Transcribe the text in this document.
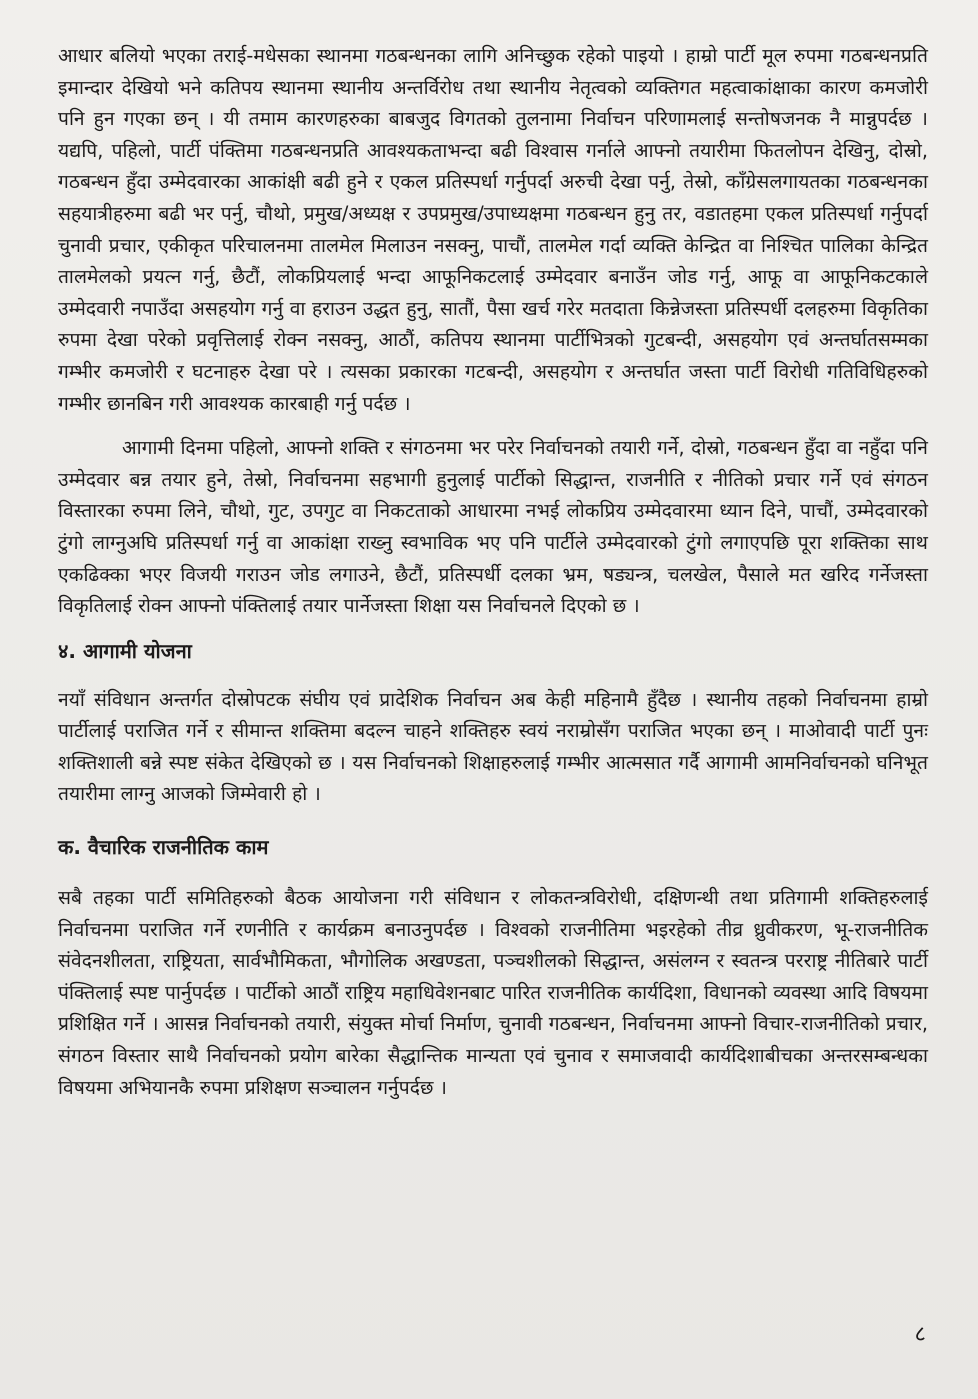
आधार बलियो भएका तराई-मधेसका स्थानमा गठबन्धनका लागि अनिच्छुक रहेको पाइयो । हाम्रो पार्टी मूल रुपमा गठबन्धनप्रति इमान्दार देखियो भने कतिपय स्थानमा स्थानीय अन्तर्विरोध तथा स्थानीय नेतृत्वको व्यक्तिगत महत्वाकांक्षाका कारण कमजोरी पनि हुन गएका छन् । यी तमाम कारणहरुका बाबजुद विगतको तुलनामा निर्वाचन परिणामलाई सन्तोषजनक नै मान्नुपर्दछ । यद्यपि, पहिलो, पार्टी पंक्तिमा गठबन्धनप्रति आवश्यकताभन्दा बढी विश्वास गर्नाले आफ्नो तयारीमा फितलोपन देखिनु, दोस्रो, गठबन्धन हुँदा उम्मेदवारका आकांक्षी बढी हुने र एकल प्रतिस्पर्धा गर्नुपर्दा अरुची देखा पर्नु, तेस्रो, काँग्रेसलगायतका गठबन्धनका सहयात्रीहरुमा बढी भर पर्नु, चौथो, प्रमुख/अध्यक्ष र उपप्रमुख/उपाध्यक्षमा गठबन्धन हुनु तर, वडातहमा एकल प्रतिस्पर्धा गर्नुपर्दा चुनावी प्रचार, एकीकृत परिचालनमा तालमेल मिलाउन नसक्नु, पाचौं, तालमेल गर्दा व्यक्ति केन्द्रित वा निश्चित पालिका केन्द्रित तालमेलको प्रयत्न गर्नु, छैटौं, लोकप्रियलाई भन्दा आफूनिकटलाई उम्मेदवार बनाउँन जोड गर्नु, आफू वा आफूनिकटकाले उम्मेदवारी नपाउँदा असहयोग गर्नु वा हराउन उद्धत हुनु, सातौं, पैसा खर्च गरेर मतदाता किन्नेजस्ता प्रतिस्पर्धी दलहरुमा विकृतिका रुपमा देखा परेको प्रवृत्तिलाई रोक्न नसक्नु, आठौं, कतिपय स्थानमा पार्टीभित्रको गुटबन्दी, असहयोग एवं अन्तर्घातसम्मका गम्भीर कमजोरी र घटनाहरु देखा परे । त्यसका प्रकारका गटबन्दी, असहयोग र अन्तर्घात जस्ता पार्टी विरोधी गतिविधिहरुको गम्भीर छानबिन गरी आवश्यक कारबाही गर्नु पर्दछ ।

आगामी दिनमा पहिलो, आफ्नो शक्ति र संगठनमा भर परेर निर्वाचनको तयारी गर्ने, दोस्रो, गठबन्धन हुँदा वा नहुँदा पनि उम्मेदवार बन्न तयार हुने, तेस्रो, निर्वाचनमा सहभागी हुनुलाई पार्टीको सिद्धान्त, राजनीति र नीतिको प्रचार गर्ने एवं संगठन विस्तारका रुपमा लिने, चौथो, गुट, उपगुट वा निकटताको आधारमा नभई लोकप्रिय उम्मेदवारमा ध्यान दिने, पाचौं, उम्मेदवारको टुंगो लाग्नुअघि प्रतिस्पर्धा गर्नु वा आकांक्षा राख्नु स्वभाविक भए पनि पार्टीले उम्मेदवारको टुंगो लगाएपछि पूरा शक्तिका साथ एकढिक्का भएर विजयी गराउन जोड लगाउने, छैटौं, प्रतिस्पर्धी दलका भ्रम, षड्यन्त्र, चलखेल, पैसाले मत खरिद गर्नेजस्ता विकृतिलाई रोक्न आफ्नो पंक्तिलाई तयार पार्नेजस्ता शिक्षा यस निर्वाचनले दिएको छ ।

४. आगामी योजना

नयाँ संविधान अन्तर्गत दोस्रोपटक संघीय एवं प्रादेशिक निर्वाचन अब केही महिनामै हुँदैछ । स्थानीय तहको निर्वाचनमा हाम्रो पार्टीलाई पराजित गर्ने र सीमान्त शक्तिमा बदल्न चाहने शक्तिहरु स्वयं नराम्रोसँग पराजित भएका छन् । माओवादी पार्टी पुनः शक्तिशाली बन्ने स्पष्ट संकेत देखिएको छ । यस निर्वाचनको शिक्षाहरुलाई गम्भीर आत्मसात गर्दै आगामी आमनिर्वाचनको घनिभूत तयारीमा लाग्नु आजको जिम्मेवारी हो ।

क. वैचारिक राजनीतिक काम

सबै तहका पार्टी समितिहरुको बैठक आयोजना गरी संविधान र लोकतन्त्रविरोधी, दक्षिणन्थी तथा प्रतिगामी शक्तिहरुलाई निर्वाचनमा पराजित गर्ने रणनीति र कार्यक्रम बनाउनुपर्दछ । विश्वको राजनीतिमा भइरहेको तीव्र ध्रुवीकरण, भू-राजनीतिक संवेदनशीलता, राष्ट्रियता, सार्वभौमिकता, भौगोलिक अखण्डता, पञ्चशीलको सिद्धान्त, असंलग्न र स्वतन्त्र परराष्ट्र नीतिबारे पार्टी पंक्तिलाई स्पष्ट पार्नुपर्दछ । पार्टीको आठौं राष्ट्रिय महाधिवेशनबाट पारित राजनीतिक कार्यदिशा, विधानको व्यवस्था आदि विषयमा प्रशिक्षित गर्ने । आसन्न निर्वाचनको तयारी, संयुक्त मोर्चा निर्माण, चुनावी गठबन्धन, निर्वाचनमा आफ्नो विचार-राजनीतिको प्रचार, संगठन विस्तार साथै निर्वाचनको प्रयोग बारेका सैद्धान्तिक मान्यता एवं चुनाव र समाजवादी कार्यदिशाबीचका अन्तरसम्बन्धका विषयमा अभियानकै रुपमा प्रशिक्षण सञ्चालन गर्नुपर्दछ ।

८
